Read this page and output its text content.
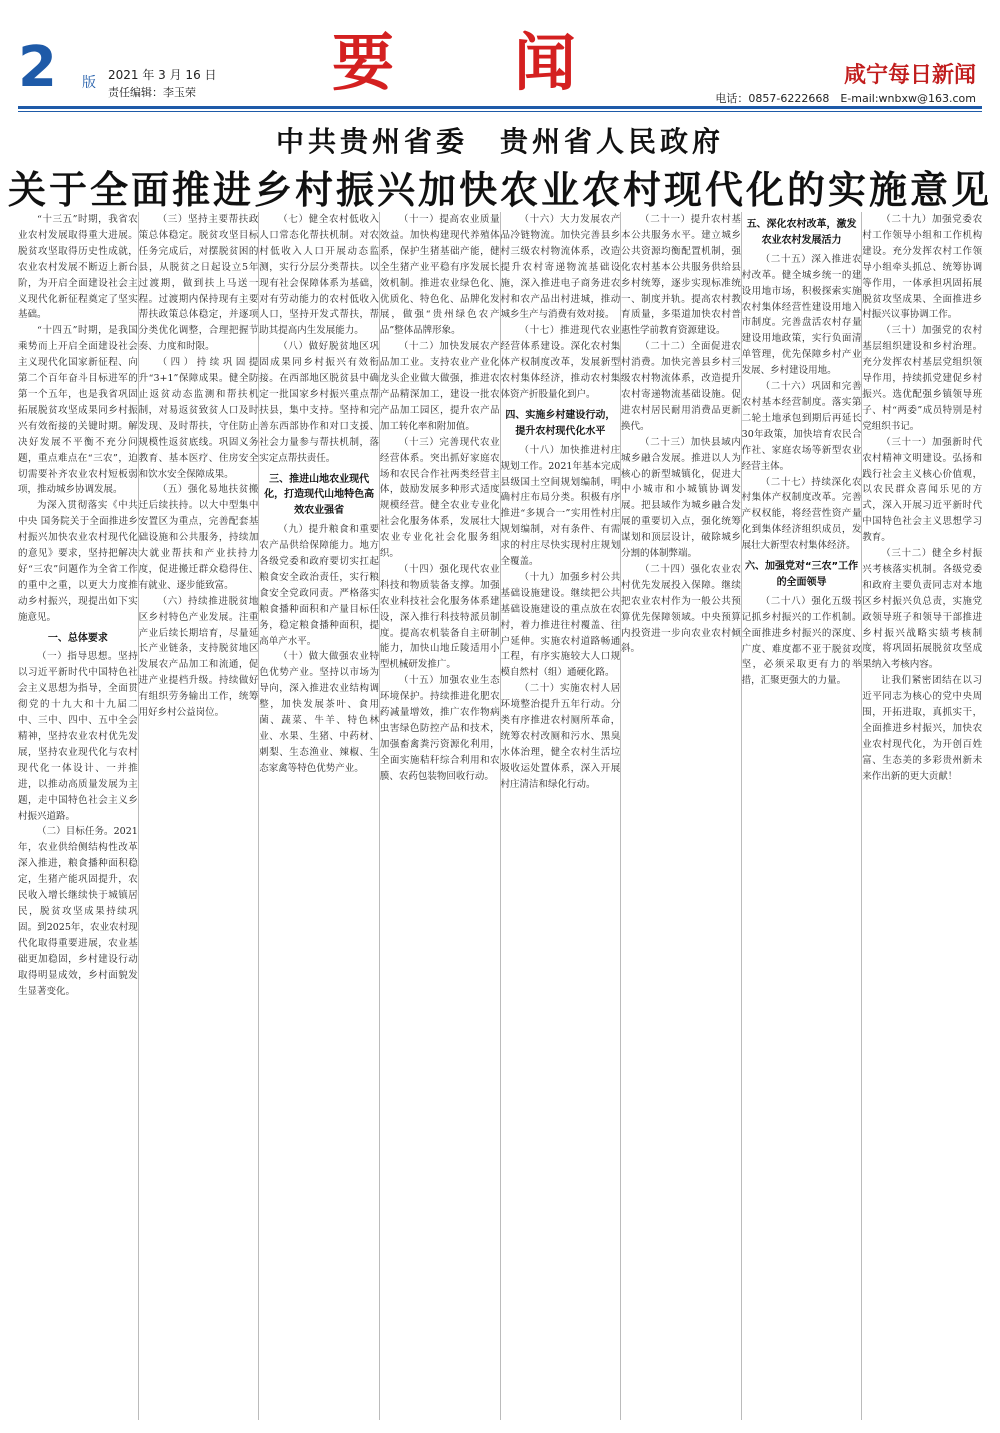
2 版 2021 年 3 月 16 日
责任编辑：李玉荣 要闻	咸宁每日新闻
电话：0857-6222668　E-mail:wnbxw@163.com
中共贵州省委　贵州省人民政府
关于全面推进乡村振兴加快农业农村现代化的实施意见

“十三五”时期，我省农业农村发展取得重大进展。脱贫攻坚取得历史性成就，农业农村发展不断迈上新台阶，为开启全面建设社会主义现代化新征程奠定了坚实基础。

“十四五”时期，是我国乘势而上开启全面建设社会主义现代化国家新征程、向第二个百年奋斗目标进军的第一个五年，也是我省巩固拓展脱贫攻坚成果同乡村振兴有效衔接的关键时期。解决好发展不平衡不充分问题，重点难点在“三农”，迫切需要补齐农业农村短板弱项，推动城乡协调发展。

为深入贯彻落实《中共中央 国务院关于全面推进乡村振兴加快农业农村现代化的意见》要求，坚持把解决好“三农”问题作为全省工作的重中之重，以更大力度推动乡村振兴，现提出如下实施意见。

一、总体要求

（一）指导思想。坚持以习近平新时代中国特色社会主义思想为指导，全面贯彻党的十九大和十九届二中、三中、四中、五中全会精神，坚持农业农村优先发展，坚持农业现代化与农村现代化一体设计、一并推进，以推动高质量发展为主题，走中国特色社会主义乡村振兴道路。

（二）目标任务。2021年，农业供给侧结构性改革深入推进，粮食播种面积稳定，生猪产能巩固提升，农民收入增长继续快于城镇居民，脱贫攻坚成果持续巩固。到2025年，农业农村现代化取得重要进展，农业基础更加稳固，乡村建设行动取得明显成效，乡村面貌发生显著变化。

（三）坚持主要帮扶政策总体稳定。脱贫攻坚目标任务完成后，对摆脱贫困的县，从脱贫之日起设立5年过渡期，做到扶上马送一程。过渡期内保持现有主要帮扶政策总体稳定，并逐项分类优化调整，合理把握节奏、力度和时限。

（四）持续巩固提升“3+1”保障成果。健全防止返贫动态监测和帮扶机制，对易返贫致贫人口及时发现、及时帮扶，守住防止规模性返贫底线。巩固义务教育、基本医疗、住房安全和饮水安全保障成果。

（五）强化易地扶贫搬迁后续扶持。以大中型集中安置区为重点，完善配套基础设施和公共服务，持续加大就业帮扶和产业扶持力度，促进搬迁群众稳得住、有就业、逐步能致富。

（六）持续推进脱贫地区乡村特色产业发展。注重产业后续长期培育，尽量延长产业链条，支持脱贫地区发展农产品加工和流通，促进产业提档升级。持续做好有组织劳务输出工作，统筹用好乡村公益岗位。

（七）健全农村低收入人口常态化帮扶机制。对农村低收入人口开展动态监测，实行分层分类帮扶。以现有社会保障体系为基础，对有劳动能力的农村低收入人口，坚持开发式帮扶，帮助其提高内生发展能力。

（八）做好脱贫地区巩固成果同乡村振兴有效衔接。在西部地区脱贫县中确定一批国家乡村振兴重点帮扶县，集中支持。坚持和完善东西部协作和对口支援、社会力量参与帮扶机制，落实定点帮扶责任。

三、推进山地农业现代化，打造现代山地特色高效农业强省

（九）提升粮食和重要农产品供给保障能力。地方各级党委和政府要切实扛起粮食安全政治责任，实行粮食安全党政同责。严格落实粮食播种面积和产量目标任务，稳定粮食播种面积，提高单产水平。

（十）做大做强农业特色优势产业。坚持以市场为导向，深入推进农业结构调整，加快发展茶叶、食用菌、蔬菜、牛羊、特色林业、水果、生猪、中药材、刺梨、生态渔业、辣椒、生态家禽等特色优势产业。

（十一）提高农业质量效益。加快构建现代养殖体系，保护生猪基础产能，健全生猪产业平稳有序发展长效机制。推进农业绿色化、优质化、特色化、品牌化发展，做强“贵州绿色农产品”整体品牌形象。

（十二）加快发展农产品加工业。支持农业产业化龙头企业做大做强，推进农产品精深加工，建设一批农产品加工园区，提升农产品加工转化率和附加值。

（十三）完善现代农业经营体系。突出抓好家庭农场和农民合作社两类经营主体，鼓励发展多种形式适度规模经营。健全农业专业化社会化服务体系，发展壮大农业专业化社会化服务组织。

（十四）强化现代农业科技和物质装备支撑。加强农业科技社会化服务体系建设，深入推行科技特派员制度。提高农机装备自主研制能力，加快山地丘陵适用小型机械研发推广。

（十五）加强农业生态环境保护。持续推进化肥农药减量增效，推广农作物病虫害绿色防控产品和技术，加强畜禽粪污资源化利用，全面实施秸秆综合利用和农膜、农药包装物回收行动。

（十六）大力发展农产品冷链物流。加快完善县乡村三级农村物流体系，改造提升农村寄递物流基础设施，深入推进电子商务进农村和农产品出村进城，推动城乡生产与消费有效对接。

（十七）推进现代农业经营体系建设。深化农村集体产权制度改革，发展新型农村集体经济，推动农村集体资产折股量化到户。

四、实施乡村建设行动，提升农村现代化水平

（十八）加快推进村庄规划工作。2021年基本完成县级国土空间规划编制，明确村庄布局分类。积极有序推进“多规合一”实用性村庄规划编制，对有条件、有需求的村庄尽快实现村庄规划全覆盖。

（十九）加强乡村公共基础设施建设。继续把公共基础设施建设的重点放在农村，着力推进往村覆盖、往户延伸。实施农村道路畅通工程，有序实施较大人口规模自然村（组）通硬化路。

（二十）实施农村人居环境整治提升五年行动。分类有序推进农村厕所革命，统筹农村改厕和污水、黑臭水体治理，健全农村生活垃圾收运处置体系，深入开展村庄清洁和绿化行动。

（二十一）提升农村基本公共服务水平。建立城乡公共资源均衡配置机制，强化农村基本公共服务供给县乡村统筹，逐步实现标准统一、制度并轨。提高农村教育质量，多渠道加快农村普惠性学前教育资源建设。

（二十二）全面促进农村消费。加快完善县乡村三级农村物流体系，改造提升农村寄递物流基础设施。促进农村居民耐用消费品更新换代。

（二十三）加快县域内城乡融合发展。推进以人为核心的新型城镇化，促进大中小城市和小城镇协调发展。把县域作为城乡融合发展的重要切入点，强化统筹谋划和顶层设计，破除城乡分割的体制弊端。

（二十四）强化农业农村优先发展投入保障。继续把农业农村作为一般公共预算优先保障领域。中央预算内投资进一步向农业农村倾斜。

五、深化农村改革，激发农业农村发展活力

（二十五）深入推进农村改革。健全城乡统一的建设用地市场，积极探索实施农村集体经营性建设用地入市制度。完善盘活农村存量建设用地政策，实行负面清单管理，优先保障乡村产业发展、乡村建设用地。

（二十六）巩固和完善农村基本经营制度。落实第二轮土地承包到期后再延长30年政策，加快培育农民合作社、家庭农场等新型农业经营主体。

（二十七）持续深化农村集体产权制度改革。完善产权权能，将经营性资产量化到集体经济组织成员，发展壮大新型农村集体经济。

六、加强党对“三农”工作的全面领导

（二十八）强化五级书记抓乡村振兴的工作机制。全面推进乡村振兴的深度、广度、难度都不亚于脱贫攻坚，必须采取更有力的举措，汇聚更强大的力量。

（二十九）加强党委农村工作领导小组和工作机构建设。充分发挥农村工作领导小组牵头抓总、统筹协调等作用，一体承担巩固拓展脱贫攻坚成果、全面推进乡村振兴议事协调工作。

（三十）加强党的农村基层组织建设和乡村治理。充分发挥农村基层党组织领导作用，持续抓党建促乡村振兴。选优配强乡镇领导班子、村“两委”成员特别是村党组织书记。

（三十一）加强新时代农村精神文明建设。弘扬和践行社会主义核心价值观，以农民群众喜闻乐见的方式，深入开展习近平新时代中国特色社会主义思想学习教育。

（三十二）健全乡村振兴考核落实机制。各级党委和政府主要负责同志对本地区乡村振兴负总责，实施党政领导班子和领导干部推进乡村振兴战略实绩考核制度，将巩固拓展脱贫攻坚成果纳入考核内容。

让我们紧密团结在以习近平同志为核心的党中央周围，开拓进取，真抓实干，全面推进乡村振兴，加快农业农村现代化，为开创百姓富、生态美的多彩贵州新未来作出新的更大贡献！
